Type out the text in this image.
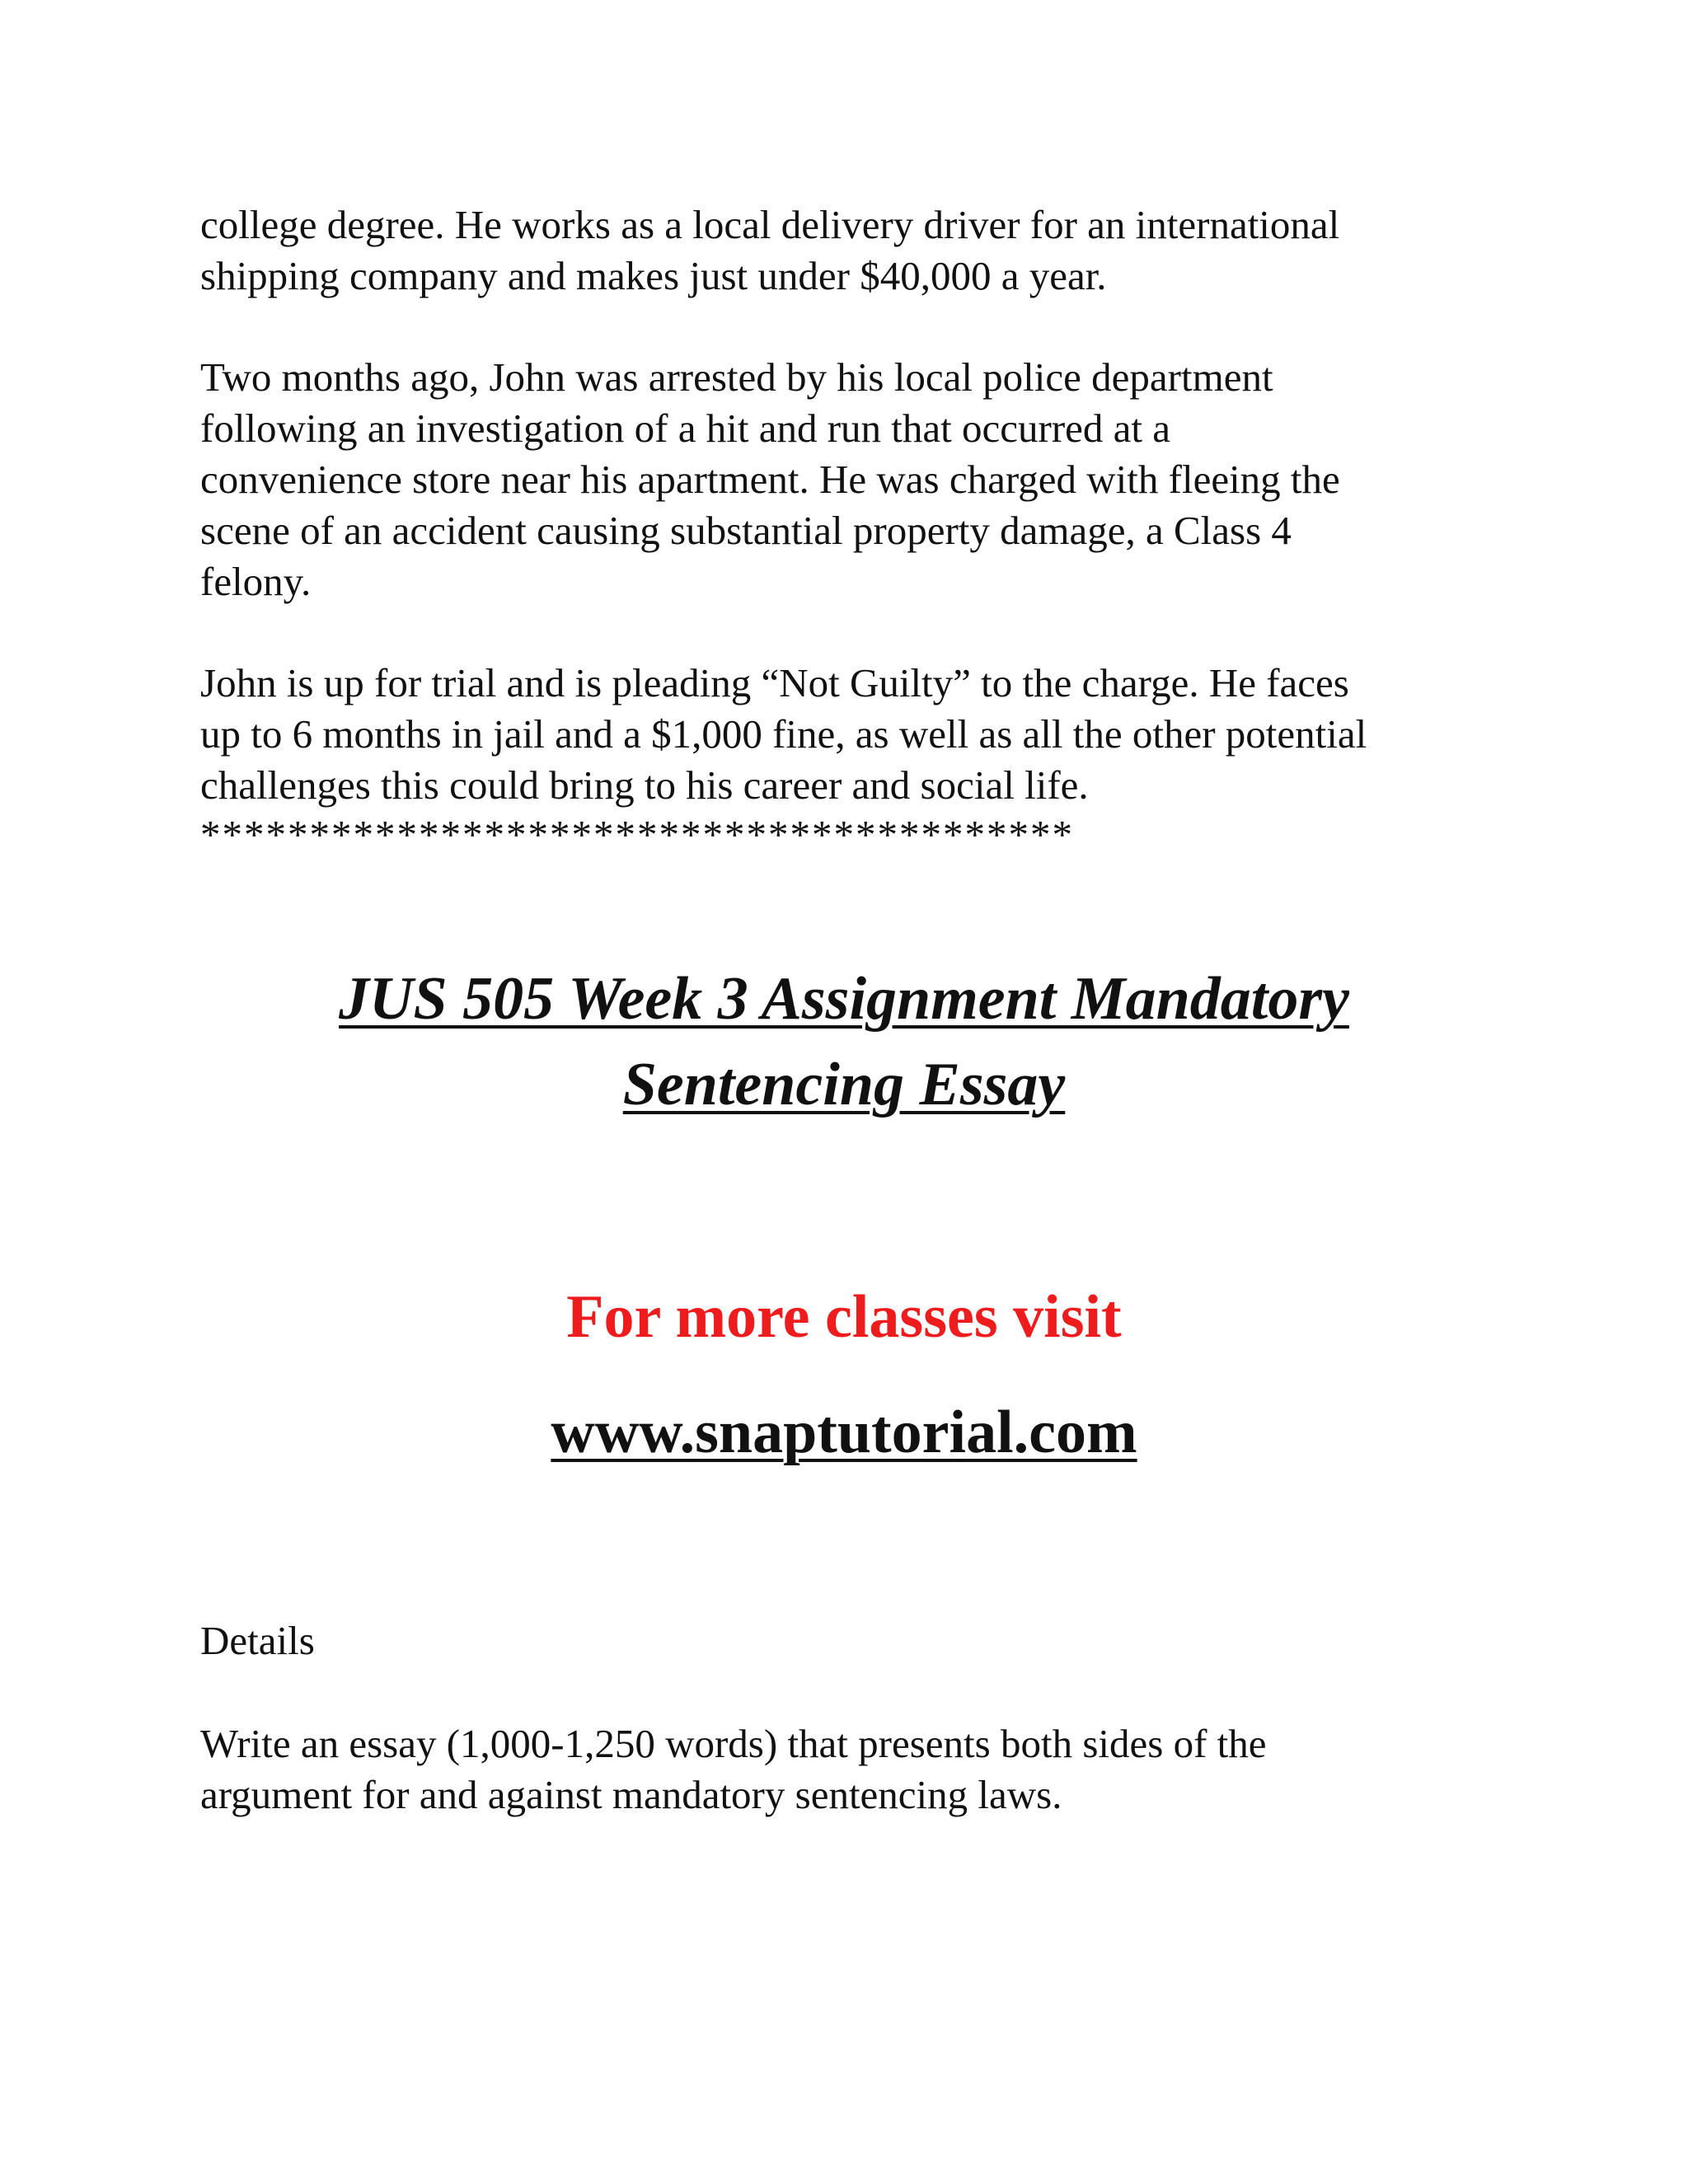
college degree. He works as a local delivery driver for an international
shipping company and makes just under $40,000 a year.

Two months ago, John was arrested by his local police department
following an investigation of a hit and run that occurred at a
convenience store near his apartment. He was charged with fleeing the
scene of an accident causing substantial property damage, a Class 4
felony.

John is up for trial and is pleading “Not Guilty” to the charge. He faces
up to 6 months in jail and a $1,000 fine, as well as all the other potential
challenges this could bring to his career and social life.

****************************************

JUS 505 Week 3 Assignment Mandatory
Sentencing Essay

For more classes visit

www.snaptutorial.com

Details

Write an essay (1,000-1,250 words) that presents both sides of the
argument for and against mandatory sentencing laws.
